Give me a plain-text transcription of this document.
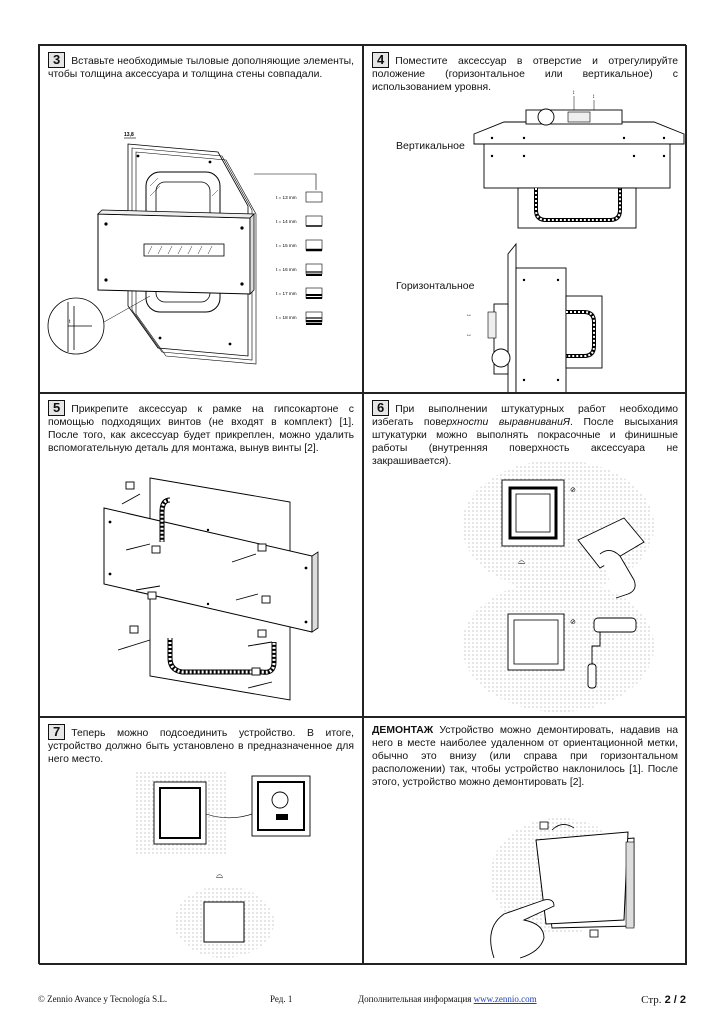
3 Вставьте необходимые тыловые дополняющие элементы, чтобы толщина аксессуара и толщина стены совпадали.
13,8
t
t = 13 mm
t = 14 mm
t = 15 mm
t = 16 mm
t = 17 mm
t = 18 mm
4 Поместите аксессуар в отверстие и отрегулируйте положение (горизонтальное или вертикальное) с использованием уровня.
Вертикальное
Горизонтальное
↕
↕
↔
↔
5 Прикрепите аксессуар к рамке на гипсокартоне с помощью подходящих винтов (не входят в комплект) [1]. После того, как аксессуар будет прикреплен, можно удалить вспомогательную деталь для монтажа, вынув винты [2].
6 При выполнении штукатурных работ необходимо избегать поверхности выравниваниЯ. После высыхания штукатурки можно выполнять покрасочные и финишные работы (внутренняя поверхность аксессуара не закрашивается).
⊘
⌓
⊘
7 Теперь можно подсоединить устройство. В итоге, устройство должно быть установлено в предназначенное для него место.
⌓
ДЕМОНТАЖ Устройство можно демонтировать, надавив на него в месте наиболее удаленном от ориентационной метки, обычно это внизу (или справа при горизонтальном расположении) так, чтобы устройство наклонилось [1]. После этого, устройство можно демонтировать [2].
© Zennio Avance y Tecnología S.L.	Ред. 1	Дополнительная информация www.zennio.com	Стр. 2 / 2
